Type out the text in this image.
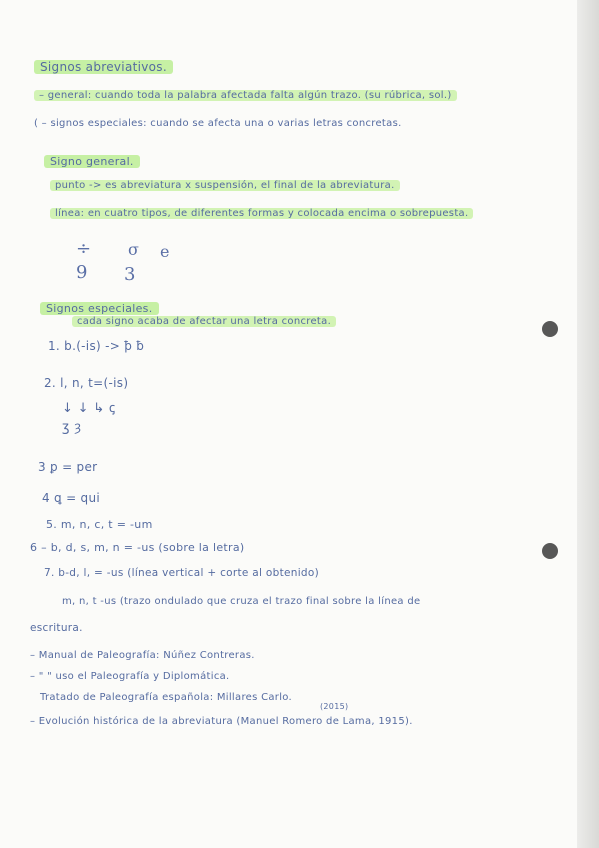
Signos abreviativos.
– general: cuando toda la palabra afectada falta algún trazo. (su rúbrica, sol.)
( – signos especiales: cuando se afecta una o varias letras concretas.
Signo general.
punto -> es abreviatura x suspensión, el final de la abreviatura.
línea: en cuatro tipos, de diferentes formas y colocada encima o sobrepuesta.
÷ σ e
9 3
Signos especiales.
cada signo acaba de afectar una letra concreta.
1. b.(-is) -> ꝥ ƀ
2. l, n, t=(-is)
↓ ↓ ↳ ꞔ
ʒ ȝ
3 ꝑ = per
4 ꝗ = qui
5. m, n, c, t = -um
6 – b, d, s, m, n = -us (sobre la letra)
7. b-d, l, = -us (línea vertical + corte al obtenido)
m, n, t -us (trazo ondulado que cruza el trazo final sobre la línea de
escritura.
– Manual de Paleografía: Núñez Contreras.
– " " uso el Paleografía y Diplomática.
Tratado de Paleografía española: Millares Carlo.
– Evolución histórica de la abreviatura (Manuel Romero de Lama, 1915).
(2015)
